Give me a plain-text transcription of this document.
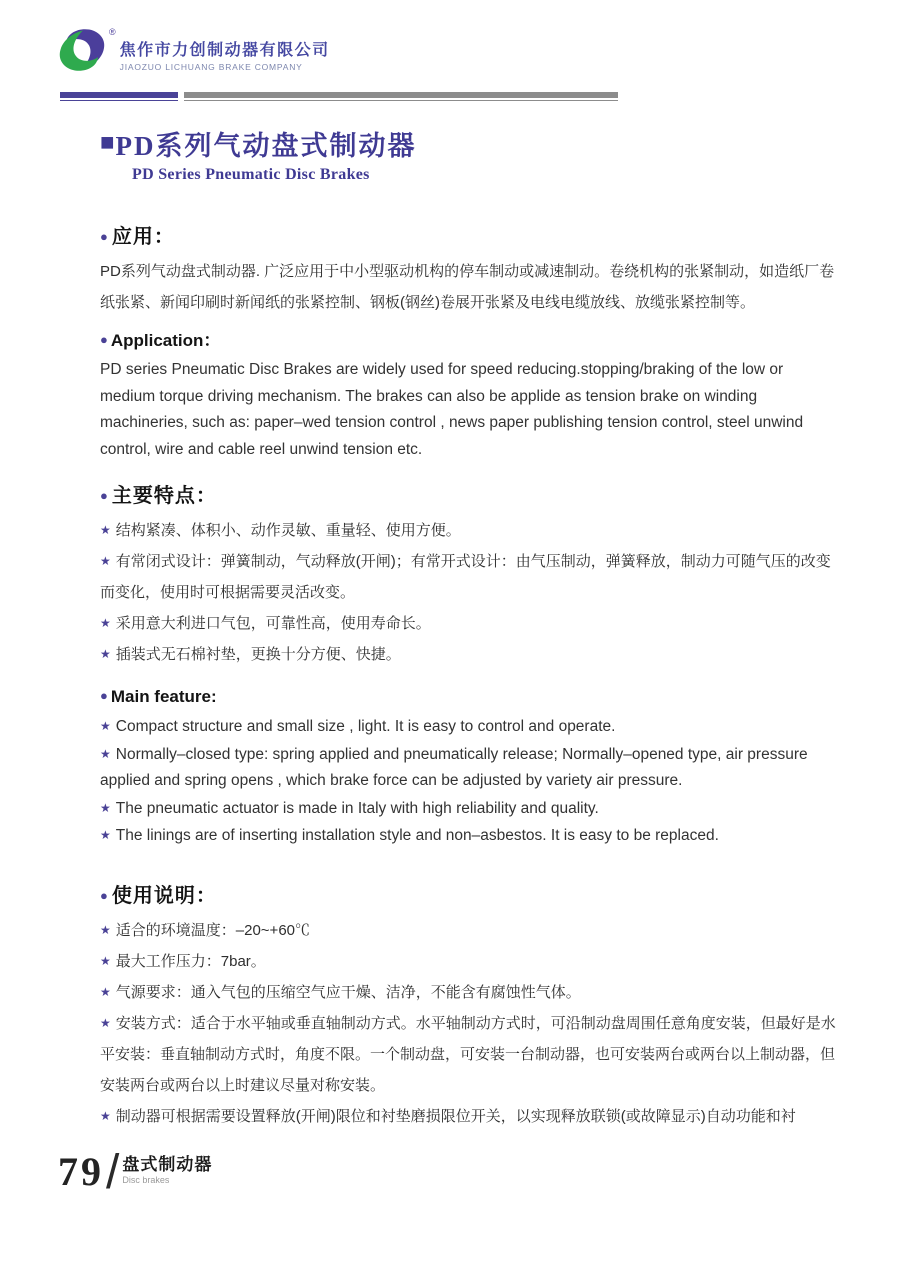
®
焦作市力创制动器有限公司
JIAOZUO LICHUANG BRAKE COMPANY
■ PD系列气动盘式制动器
PD Series Pneumatic Disc Brakes
● 应用：
PD系列气动盘式制动器. 广泛应用于中小型驱动机构的停车制动或减速制动。卷绕机构的张紧制动，如造纸厂卷纸张紧、新闻印刷时新闻纸的张紧控制、钢板(钢丝)卷展开张紧及电线电缆放线、放缆张紧控制等。
● Application：
PD series Pneumatic Disc Brakes are widely used for speed reducing.stopping/braking of the low or medium torque driving mechanism. The brakes can also be applide as tension brake on winding machineries, such as: paper–wed tension control , news paper publishing tension control, steel unwind control, wire and cable reel unwind tension etc.
● 主要特点：
★ 结构紧凑、体积小、动作灵敏、重量轻、使用方便。
★ 有常闭式设计：弹簧制动，气动释放(开闸)；有常开式设计：由气压制动，弹簧释放，制动力可随气压的改变而变化，使用时可根据需要灵活改变。
★ 采用意大利进口气包，可靠性高，使用寿命长。
★ 插装式无石棉衬垫，更换十分方便、快捷。
● Main feature:
★ Compact structure and small size , light. It is easy to control and operate.
★ Normally–closed type: spring applied and pneumatically release; Normally–opened type, air pressure applied and spring opens , which brake force can be adjusted by variety air pressure.
★ The pneumatic actuator is made in Italy with high reliability and quality.
★ The linings are of inserting installation style and non–asbestos. It is easy to be replaced.
● 使用说明：
★ 适合的环境温度：–20~+60℃
★ 最大工作压力：7bar。
★ 气源要求：通入气包的压缩空气应干燥、洁净，不能含有腐蚀性气体。
★ 安装方式：适合于水平轴或垂直轴制动方式。水平轴制动方式时，可沿制动盘周围任意角度安装，但最好是水平安装：垂直轴制动方式时，角度不限。一个制动盘，可安装一台制动器，也可安装两台或两台以上制动器，但安装两台或两台以上时建议尽量对称安装。
★ 制动器可根据需要设置释放(开闸)限位和衬垫磨损限位开关，以实现释放联锁(或故障显示)自动功能和衬
79 / 盘式制动器
Disc brakes
